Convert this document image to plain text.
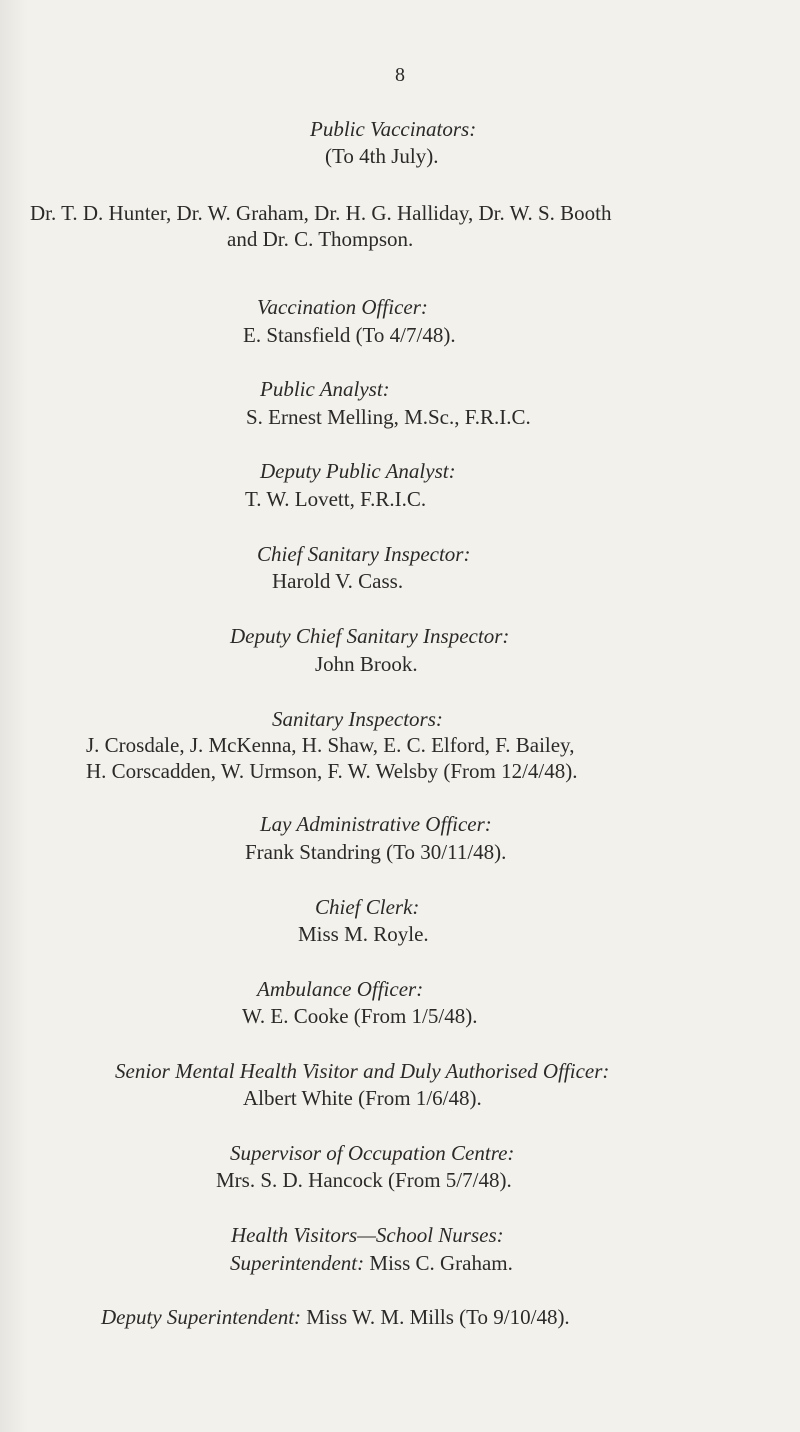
8
Public Vaccinators:
(To 4th July).
Dr. T. D. Hunter, Dr. W. Graham, Dr. H. G. Halliday, Dr. W. S. Booth
and Dr. C. Thompson.
Vaccination Officer:
E. Stansfield (To 4/7/48).
Public Analyst:
S. Ernest Melling, M.Sc., F.R.I.C.
Deputy Public Analyst:
T. W. Lovett, F.R.I.C.
Chief Sanitary Inspector:
Harold V. Cass.
Deputy Chief Sanitary Inspector:
John Brook.
Sanitary Inspectors:
J. Crosdale, J. McKenna, H. Shaw, E. C. Elford, F. Bailey,
H. Corscadden, W. Urmson, F. W. Welsby (From 12/4/48).
Lay Administrative Officer:
Frank Standring (To 30/11/48).
Chief Clerk:
Miss M. Royle.
Ambulance Officer:
W. E. Cooke (From 1/5/48).
Senior Mental Health Visitor and Duly Authorised Officer:
Albert White (From 1/6/48).
Supervisor of Occupation Centre:
Mrs. S. D. Hancock (From 5/7/48).
Health Visitors—School Nurses:
Superintendent: Miss C. Graham.
Deputy Superintendent: Miss W. M. Mills (To 9/10/48).
